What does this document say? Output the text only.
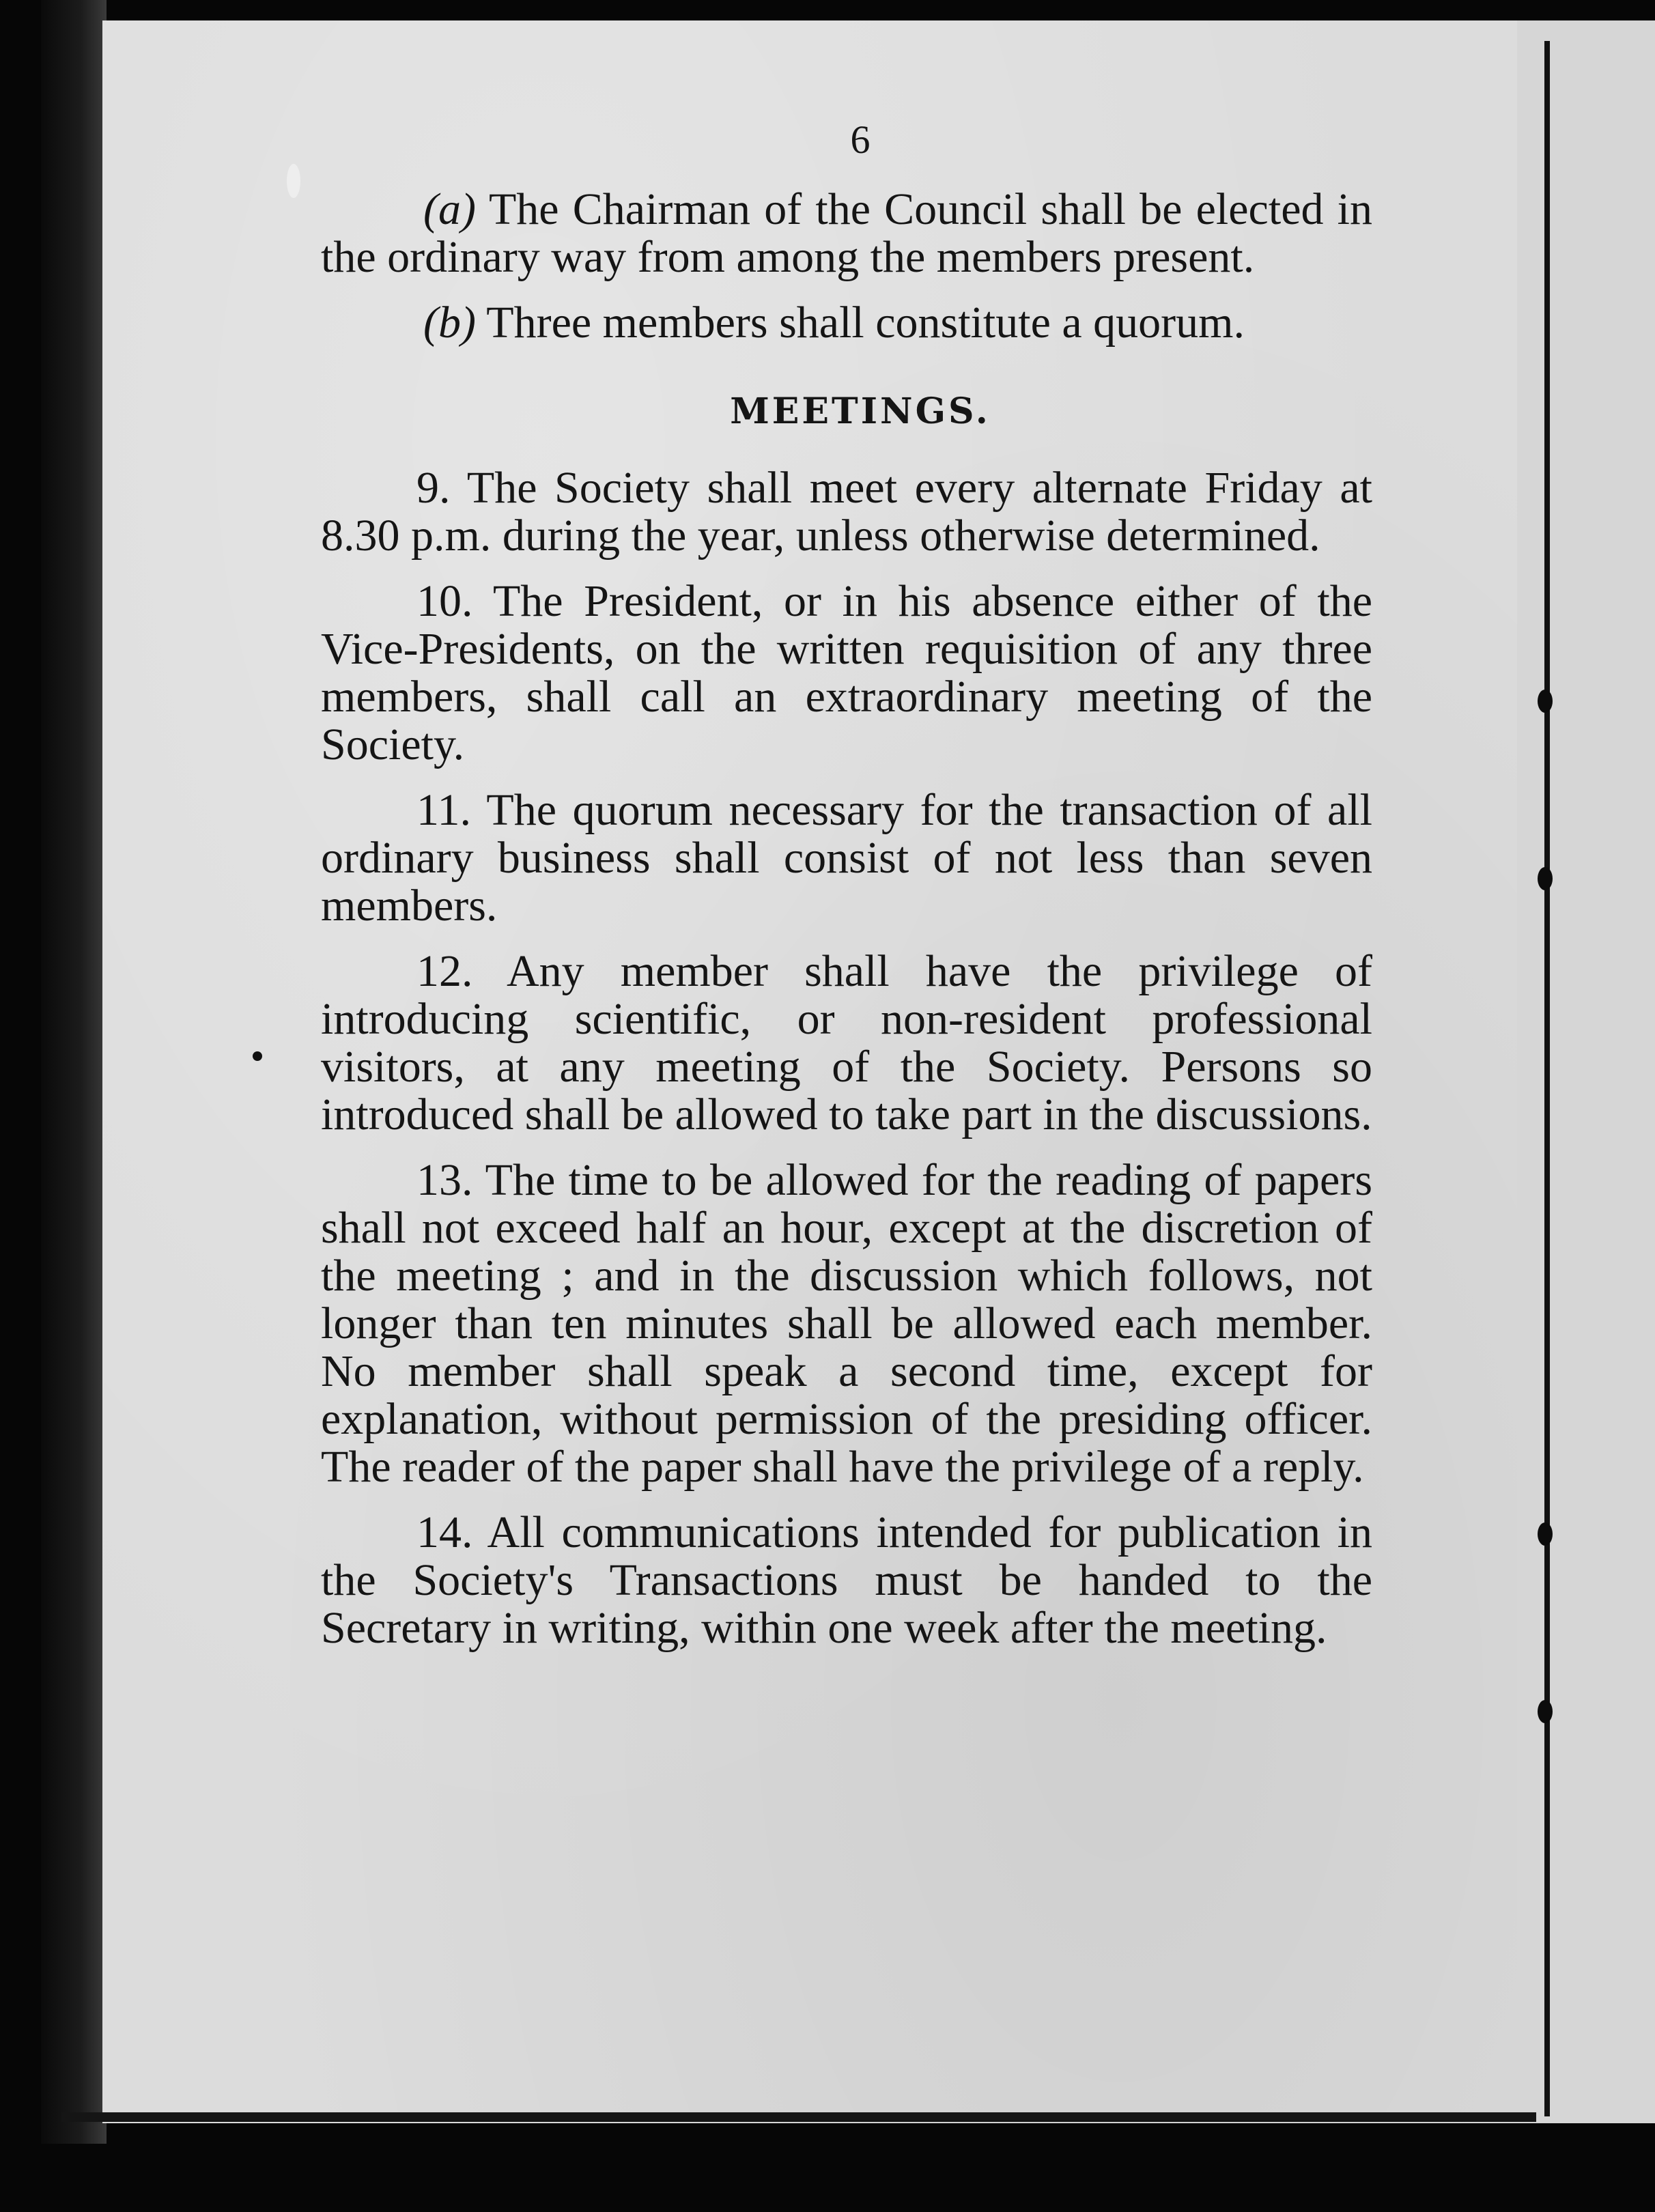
6

(a) The Chairman of the Council shall be elected in the ordinary way from among the members present.

(b) Three members shall constitute a quorum.

MEETINGS.

9. The Society shall meet every alternate Friday at 8.30 p.m. during the year, unless otherwise determined.

10. The President, or in his absence either of the Vice-Presidents, on the written requisition of any three members, shall call an extraordinary meeting of the Society.

11. The quorum necessary for the transaction of all ordinary business shall consist of not less than seven members.

12. Any member shall have the privilege of introducing scientific, or non-resident professional visitors, at any meeting of the Society. Persons so introduced shall be allowed to take part in the discussions.

13. The time to be allowed for the reading of papers shall not exceed half an hour, except at the discretion of the meeting ; and in the discussion which follows, not longer than ten minutes shall be allowed each member. No member shall speak a second time, except for explanation, without permission of the presiding officer. The reader of the paper shall have the privilege of a reply.

14. All communications intended for publication in the Society's Transactions must be handed to the Secretary in writing, within one week after the meeting.
